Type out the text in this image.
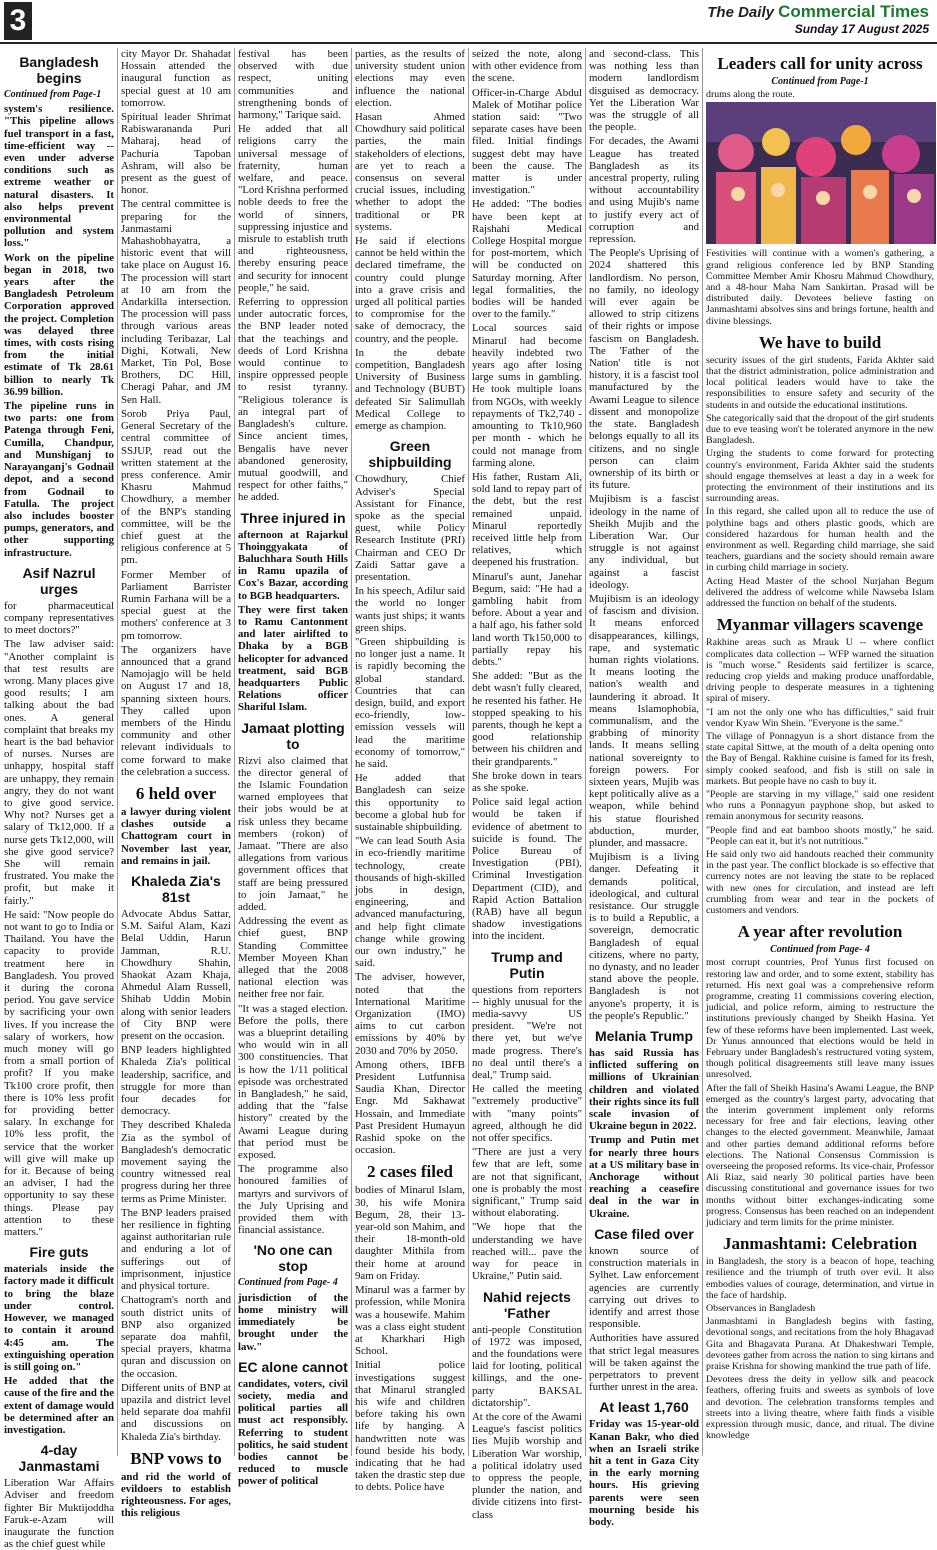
3	The Daily Commercial Times
Sunday 17 August 2025
Bangladesh begins

Continued from Page-1

system's resilience. "This pipeline allows fuel transport in a fast, time-efficient way -- even under adverse conditions such as extreme weather or natural disasters. It also helps prevent environmental pollution and system loss."

Work on the pipeline began in 2018, two years after the Bangladesh Petroleum Corporation approved the project. Completion was delayed three times, with costs rising from the initial estimate of Tk 28.61 billion to nearly Tk 36.99 billion.

The pipeline runs in two parts: one from Patenga through Feni, Cumilla, Chandpur, and Munshiganj to Narayanganj's Godnail depot, and a second from Godnail to Fatulla. The project also includes booster pumps, generators, and other supporting infrastructure.

Asif Nazrul urges

for pharmaceutical company representatives to meet doctors?"

The law adviser said: "Another complaint is that test results are wrong. Many places give good results; I am talking about the bad ones. A general complaint that breaks my heart is the bad behavior of nurses. Nurses are unhappy, hospital staff are unhappy, they remain angry, they do not want to give good service. Why not? Nurses get a salary of Tk12,000. If a nurse gets Tk12,000, will she give good service? She will remain frustrated. You make the profit, but make it fairly."

He said: "Now people do not want to go to India or Thailand. You have the capacity to provide treatment here in Bangladesh. You proved it during the corona period. You gave service by sacrificing your own lives. If you increase the salary of workers, how much money will go from a small portion of profit? If you make Tk100 crore profit, then there is 10% less profit for providing better salary. In exchange for 10% less profit, the service that the worker will give will make up for it. Because of being an adviser, I had the opportunity to say these things. Please pay attention to these matters."

Fire guts

materials inside the factory made it difficult to bring the blaze under control. However, we managed to contain it around 4:45 am. The extinguishing operation is still going on."

He added that the cause of the fire and the extent of damage would be determined after an investigation.

4-day Janmastami

Liberation War Affairs Adviser and freedom fighter Bir Muktijoddha Faruk-e-Azam will inaugurate the function as the chief guest while

city Mayor Dr. Shahadat Hossain attended the inaugural function as special guest at 10 am tomorrow.

Spiritual leader Shrimat Rabiswarananda Puri Maharaj, head of Pachuria Tapoban Ashram, will also be present as the guest of honor.

The central committee is preparing for the Janmastami Mahashobhayatra, a historic event that will take place on August 16. The procession will start at 10 am from the Andarkilla intersection. The procession will pass through various areas including Teribazar, Lal Dighi, Kotwali, New Market, Tin Pol, Bose Brothers, DC Hill, Cheragi Pahar, and JM Sen Hall.

Sorob Priya Paul, General Secretary of the central committee of SSJUP, read out the written statement at the press conference. Amir Khasru Mahmud Chowdhury, a member of the BNP's standing committee, will be the chief guest at the religious conference at 5 pm.

Former Member of Parliament Barrister Rumin Farhana will be a special guest at the mothers' conference at 3 pm tomorrow.

The organizers have announced that a grand Namojagjo will be held on August 17 and 18, spanning sixteen hours. They called upon members of the Hindu community and other relevant individuals to come forward to make the celebration a success.

6 held over

a lawyer during violent clashes outside a Chattogram court in November last year, and remains in jail.

Khaleda Zia's 81st

Advocate Abdus Sattar, S.M. Saiful Alam, Kazi Belal Uddin, Harun Jamman, R.U. Chowdhury Shahin, Shaokat Azam Khaja, Ahmedul Alam Russell, Shihab Uddin Mobin along with senior leaders of City BNP were present on the occasion.

BNP leaders highlighted Khaleda Zia's political leadership, sacrifice, and struggle for more than four decades for democracy.

They described Khaleda Zia as the symbol of Bangladesh's democratic movement saying the country witnessed real progress during her three terms as Prime Minister.

The BNP leaders praised her resilience in fighting against authoritarian rule and enduring a lot of sufferings out of imprisonment, injustice and physical torture.

Chattogram's north and south district units of BNP also organized separate doa mahfil, special prayers, khatma quran and discussion on the occasion.

Different units of BNP at upazila and district level held separate doa mahfil and discussions on Khaleda Zia's birthday.

BNP vows to

and rid the world of evildoers to establish righteousness. For ages, this religious

festival has been observed with due respect, uniting communities and strengthening bonds of harmony," Tarique said.

He added that all religions carry the universal message of fraternity, human welfare, and peace. "Lord Krishna performed noble deeds to free the world of sinners, suppressing injustice and misrule to establish truth and righteousness, thereby ensuring peace and security for innocent people," he said.

Referring to oppression under autocratic forces, the BNP leader noted that the teachings and deeds of Lord Krishna would continue to inspire oppressed people to resist tyranny. "Religious tolerance is an integral part of Bangladesh's culture. Since ancient times, Bengalis have never abandoned generosity, mutual goodwill, and respect for other faiths," he added.

Three injured in

afternoon at Rajarkul Thoinggyakata of Baluchhara South Hills in Ramu upazila of Cox's Bazar, according to BGB headquarters.

They were first taken to Ramu Cantonment and later airlifted to Dhaka by a BGB helicopter for advanced treatment, said BGB headquarters Public Relations officer Shariful Islam.

Jamaat plotting to

Rizvi also claimed that the director general of the Islamic Foundation warned employees that their jobs would be at risk unless they became members (rokon) of Jamaat. "There are also allegations from various government offices that staff are being pressured to join Jamaat," he added.

Addressing the event as chief guest, BNP Standing Committee Member Moyeen Khan alleged that the 2008 national election was neither free nor fair.

"It was a staged election. Before the polls, there was a blueprint detailing who would win in all 300 constituencies. That is how the 1/11 political episode was orchestrated in Bangladesh," he said, adding that the "false history" created by the Awami League during that period must be exposed.

The programme also honoured families of martyrs and survivors of the July Uprising and provided them with financial assistance.

'No one can stop

Continued from Page- 4

jurisdiction of the home ministry will immediately be brought under the law."

EC alone cannot

candidates, voters, civil society, media and political parties all must act responsibly. Referring to student politics, he said student bodies cannot be reduced to muscle power of political

parties, as the results of university student union elections may even influence the national election.

Hasan Ahmed Chowdhury said political parties, the main stakeholders of elections, are yet to reach a consensus on several crucial issues, including whether to adopt the traditional or PR systems.

He said if elections cannot be held within the declared timeframe, the country could plunge into a grave crisis and urged all political parties to compromise for the sake of democracy, the country, and the people.

In the debate competition, Bangladesh University of Business and Technology (BUBT) defeated Sir Salimullah Medical College to emerge as champion.

Green shipbuilding

Chowdhury, Chief Adviser's Special Assistant for Finance, spoke as the special guest, while Policy Research Institute (PRI) Chairman and CEO Dr Zaidi Sattar gave a presentation.

In his speech, Adilur said the world no longer wants just ships; it wants green ships.

"Green shipbuilding is no longer just a name. It is rapidly becoming the global standard. Countries that can design, build, and export eco-friendly, low-emission vessels will lead the maritime economy of tomorrow," he said.

He added that Bangladesh can seize this opportunity to become a global hub for sustainable shipbuilding.

"We can lead South Asia in eco-friendly maritime technology, create thousands of high-skilled jobs in design, engineering, and advanced manufacturing, and help fight climate change while growing our own industry," he said.

The adviser, however, noted that the International Maritime Organization (IMO) aims to cut carbon emissions by 40% by 2030 and 70% by 2050.

Among others, IBFB President Lutfunnisa Saudia Khan, Director Engr. Md Sakhawat Hossain, and Immediate Past President Humayun Rashid spoke on the occasion.

2 cases filed

bodies of Minarul Islam, 30, his wife Monira Begum, 28, their 13-year-old son Mahim, and their 18-month-old daughter Mithila from their home at around 9am on Friday.

Minarul was a farmer by profession, while Monira was a housewife. Mahim was a class eight student at Kharkhari High School.

Initial police investigations suggest that Minarul strangled his wife and children before taking his own life by hanging. A handwritten note was found beside his body, indicating that he had taken the drastic step due to debts. Police have

seized the note, along with other evidence from the scene.

Officer-in-Charge Abdul Malek of Motihar police station said: "Two separate cases have been filed. Initial findings suggest debt may have been the cause. The matter is under investigation."

He added: "The bodies have been kept at Rajshahi Medical College Hospital morgue for post-mortem, which will be conducted on Saturday morning. After legal formalities, the bodies will be handed over to the family."

Local sources said Minarul had become heavily indebted two years ago after losing large sums in gambling. He took multiple loans from NGOs, with weekly repayments of Tk2,740 - amounting to Tk10,960 per month - which he could not manage from farming alone.

His father, Rustam Ali, sold land to repay part of the debt, but the rest remained unpaid. Minarul reportedly received little help from relatives, which deepened his frustration.

Minarul's aunt, Janehar Begum, said: "He had a gambling habit from before. About a year and a half ago, his father sold land worth Tk150,000 to partially repay his debts."

She added: "But as the debt wasn't fully cleared, he resented his father. He stopped speaking to his parents, though he kept a good relationship between his children and their grandparents."

She broke down in tears as she spoke.

Police said legal action would be taken if evidence of abetment to suicide is found. The Police Bureau of Investigation (PBI), Criminal Investigation Department (CID), and Rapid Action Battalion (RAB) have all begun shadow investigations into the incident.

Trump and Putin

questions from reporters -- highly unusual for the media-savvy US president. "We're not there yet, but we've made progress. There's no deal until there's a deal," Trump said.

He called the meeting "extremely productive" with "many points" agreed, although he did not offer specifics.

"There are just a very few that are left, some are not that significant, one is probably the most significant," Trump said without elaborating.

"We hope that the understanding we have reached will... pave the way for peace in Ukraine," Putin said.

Nahid rejects 'Father

anti-people Constitution of 1972 was imposed, and the foundations were laid for looting, political killings, and the one-party BAKSAL dictatorship".

At the core of the Awami League's fascist politics lies Mujib worship and Liberation War worship, a political idolatry used to oppress the people, plunder the nation, and divide citizens into first-class

and second-class. This was nothing less than modern landlordism disguised as democracy. Yet the Liberation War was the struggle of all the people.

For decades, the Awami League has treated Bangladesh as its ancestral property, ruling without accountability and using Mujib's name to justify every act of corruption and repression.

The People's Uprising of 2024 shattered this landlordism. No person, no family, no ideology will ever again be allowed to strip citizens of their rights or impose fascism on Bangladesh. The 'Father of the Nation' title is not history, it is a fascist tool manufactured by the Awami League to silence dissent and monopolize the state. Bangladesh belongs equally to all its citizens, and no single person can claim ownership of its birth or its future.

Mujibism is a fascist ideology in the name of Sheikh Mujib and the Liberation War. Our struggle is not against any individual, but against a fascist ideology.

Mujibism is an ideology of fascism and division. It means enforced disappearances, killings, rape, and systematic human rights violations. It means looting the nation's wealth and laundering it abroad. It means Islamophobia, communalism, and the grabbing of minority lands. It means selling national sovereignty to foreign powers. For sixteen years, Mujib was kept politically alive as a weapon, while behind his statue flourished abduction, murder, plunder, and massacre.

Mujibism is a living danger. Defeating it demands political, ideological, and cultural resistance. Our struggle is to build a Republic, a sovereign, democratic Bangladesh of equal citizens, where no party, no dynasty, and no leader stand above the people. Bangladesh is not anyone's property, it is the people's Republic."

Melania Trump

has said Russia has inflicted suffering on millions of Ukrainian children and violated their rights since its full scale invasion of Ukraine begun in 2022.

Trump and Putin met for nearly three hours at a US military base in Anchorage without reaching a ceasefire deal in the war in Ukraine.

Case filed over

known source of construction materials in Sylhet. Law enforcement agencies are currently carrying out drives to identify and arrest those responsible.

Authorities have assured that strict legal measures will be taken against the perpetrators to prevent further unrest in the area.

At least 1,760

Friday was 15-year-old Kanan Bakr, who died when an Israeli strike hit a tent in Gaza City in the early morning hours. His grieving parents were seen mourning beside his body.

Leaders call for unity across

Continued from Page-1

drums along the route.

Festivities will continue with a women's gathering, a grand religious conference led by BNP Standing Committee Member Amir Khosru Mahmud Chowdhury, and a 48-hour Maha Nam Sankirtan. Prasad will be distributed daily. Devotees believe fasting on Janmashtami absolves sins and brings fortune, health and divine blessings.

We have to build

security issues of the girl students, Farida Akhter said that the district administration, police administration and local political leaders would have to take the responsibilities to ensure safety and security of the students in and outside the educational institutions.

She categorically said that the dropout of the girl students due to eve teasing won't be tolerated anymore in the new Bangladesh.

Urging the students to come forward for protecting country's environment, Farida Akhter said the students should engage themselves at least a day in a week for protecting the environment of their institutions and its surrounding areas.

In this regard, she called upon all to reduce the use of polythine bags and others plastic goods, which are considered hazardous for human health and the environment as well. Regarding child marriage, she said teachers, guardians and the society should remain aware in curbing child marriage in society.

Acting Head Master of the school Nurjahan Begum delivered the address of welcome while Nawseba Islam addressed the function on behalf of the students.

Myanmar villagers scavenge

Rakhine areas such as Mrauk U -- where conflict complicates data collection -- WFP warned the situation is "much worse." Residents said fertilizer is scarce, reducing crop yields and making produce unaffordable, driving people to desperate measures in a tightening spiral of misery.

"I am not the only one who has difficulties," said fruit vendor Kyaw Win Shein. "Everyone is the same."

The village of Ponnagyun is a short distance from the state capital Sittwe, at the mouth of a delta opening onto the Bay of Bengal. Rakhine cuisine is famed for its fresh, simply cooked seafood, and fish is still on sale in markets. But people have no cash to buy it.

"People are starving in my village," said one resident who runs a Ponnagyun payphone shop, but asked to remain anonymous for security reasons.

"People find and eat bamboo shoots mostly," he said. "People can eat it, but it's not nutritious."

He said only two aid handouts reached their community in the past year. The conflict blockade is so effective that currency notes are not leaving the state to be replaced with new ones for circulation, and instead are left crumbling from wear and tear in the pockets of customers and vendors.

A year after revolution

Continued from Page- 4

most corrupt countries, Prof Yunus first focused on restoring law and order, and to some extent, stability has returned. His next goal was a comprehensive reform programme, creating 11 commissions covering election, judicial, and police reform, aiming to restructure the institutions previously changed by Sheikh Hasina. Yet few of these reforms have been implemented. Last week, Dr Yunus announced that elections would be held in February under Bangladesh's restructured voting system, though political disagreements still leave many issues unresolved.

After the fall of Sheikh Hasina's Awami League, the BNP emerged as the country's largest party, advocating that the interim government implement only reforms necessary for free and fair elections, leaving other changes to the elected government. Meanwhile, Jamaat and other parties demand additional reforms before elections. The National Consensus Commission is overseeing the proposed reforms. Its vice-chair, Professor Ali Riaz, said nearly 30 political parties have been discussing constitutional and governance issues for two months without bitter exchanges-indicating some progress. Consensus has been reached on an independent judiciary and term limits for the prime minister.

Janmashtami: Celebration

in Bangladesh, the story is a beacon of hope, teaching resilience and the triumph of truth over evil. It also embodies values of courage, determination, and virtue in the face of hardship.

Observances in Bangladesh

Janmashtami in Bangladesh begins with fasting, devotional songs, and recitations from the holy Bhagavad Gita and Bhagavata Purana. At Dhakeshwari Temple, devotees gather from across the nation to sing kirtans and praise Krishna for showing mankind the true path of life.

Devotees dress the deity in yellow silk and peacock feathers, offering fruits and sweets as symbols of love and devotion. The celebration transforms temples and streets into a living theatre, where faith finds a visible expression through music, dance, and ritual. The divine knowledge
